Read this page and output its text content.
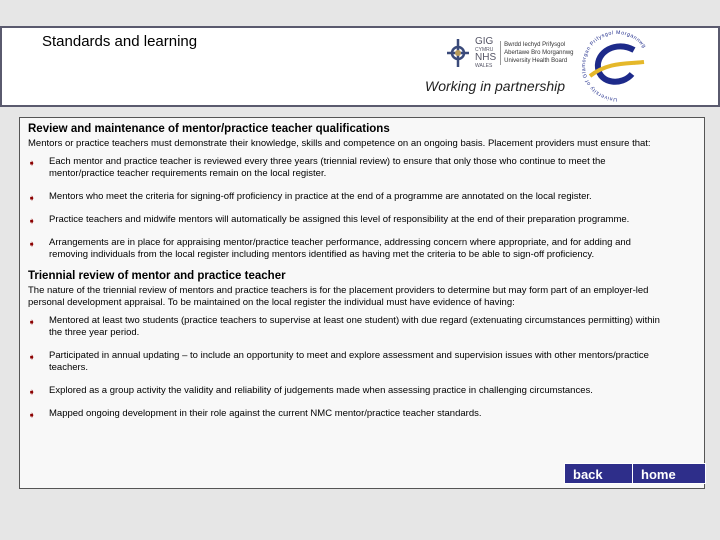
Standards and learning	GIG
CYMRU
NHS
WALES
Bwrdd Iechyd Prifysgol Abertawe Bro Morgannwg University Health Board
Working in partnership
University of Glamorgan Prifysgol Morgannwg
Review and maintenance of mentor/practice teacher qualifications

Mentors or practice teachers must demonstrate their knowledge, skills and competence on an ongoing basis. Placement providers must ensure that:

➧ Each mentor and practice teacher is reviewed every three years (triennial review) to ensure that only those who continue to meet the mentor/practice teacher requirements remain on the local register.
➧ Mentors who meet the criteria for signing-off proficiency in practice at the end of a programme are annotated on the local register.
➧ Practice teachers and midwife mentors will automatically be assigned this level of responsibility at the end of their preparation programme.
➧ Arrangements are in place for appraising mentor/practice teacher performance, addressing concern where appropriate, and for adding and removing individuals from the local register including mentors identified as having met the criteria to be able to sign-off proficiency.
Triennial review of mentor and practice teacher

The nature of the triennial review of mentors and practice teachers is for the placement providers to determine but may form part of an employer-led personal development appraisal. To be maintained on the local register the individual must have evidence of having:

➧ Mentored at least two students (practice teachers to supervise at least one student) with due regard (extenuating circumstances permitting) within the three year period.
➧ Participated in annual updating – to include an opportunity to meet and explore assessment and supervision issues with other mentors/practice teachers.
➧ Explored as a group activity the validity and reliability of judgements made when assessing practice in challenging circumstances.
➧ Mapped ongoing development in their role against the current NMC mentor/practice teacher standards.
back	home
